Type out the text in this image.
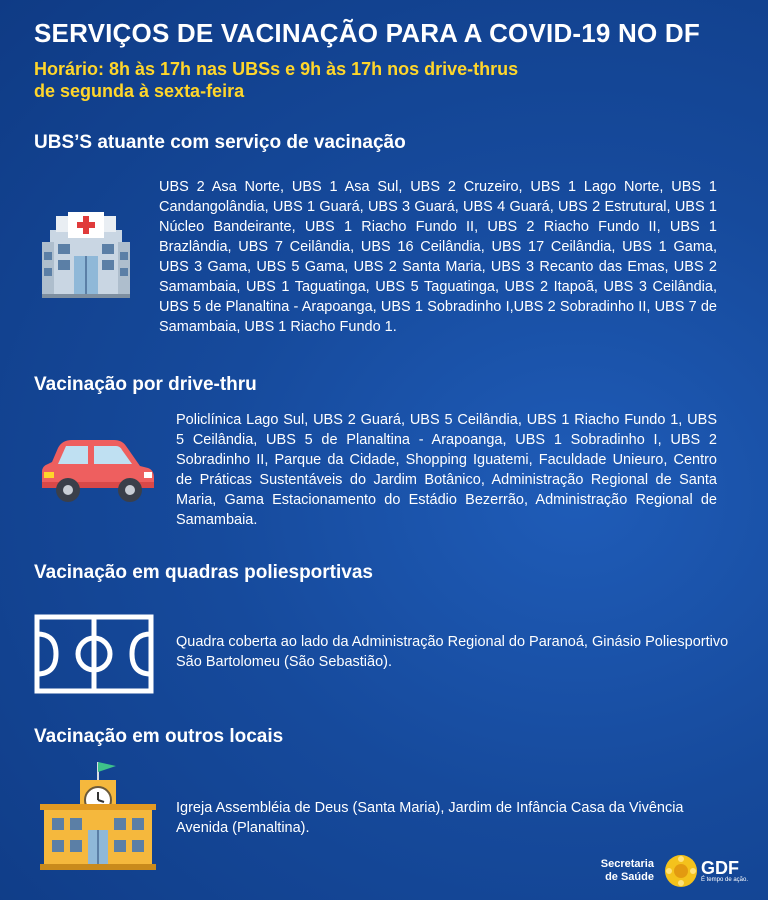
SERVIÇOS DE VACINAÇÃO PARA A COVID-19 NO DF
Horário: 8h às 17h nas UBSs e 9h às 17h nos drive-thrus
de segunda à sexta-feira
UBS’S atuante com serviço de vacinação
UBS 2 Asa Norte, UBS 1 Asa Sul, UBS 2 Cruzeiro, UBS 1 Lago Norte, UBS 1 Candangolândia, UBS 1 Guará, UBS 3 Guará, UBS 4 Guará, UBS 2 Estrutural, UBS 1 Núcleo Bandeirante, UBS 1 Riacho Fundo II, UBS 2 Riacho Fundo II, UBS 1 Brazlândia, UBS 7 Ceilândia, UBS 16 Ceilândia, UBS 17 Ceilândia, UBS 1 Gama, UBS 3 Gama, UBS 5 Gama, UBS 2 Santa Maria, UBS 3 Recanto das Emas, UBS 2 Samambaia, UBS 1 Taguatinga, UBS 5 Taguatinga, UBS 2 Itapoã, UBS 3 Ceilândia, UBS 5 de Planaltina - Arapoanga, UBS 1 Sobradinho I,UBS 2 Sobradinho II, UBS 7 de Samambaia, UBS 1 Riacho Fundo 1.
Vacinação por drive-thru
Policlínica Lago Sul, UBS 2 Guará, UBS 5 Ceilândia, UBS 1 Riacho Fundo 1, UBS 5 Ceilândia, UBS 5 de Planaltina - Arapoanga, UBS 1 Sobradinho I, UBS 2 Sobradinho II, Parque da Cidade, Shopping Iguatemi, Faculdade Unieuro, Centro de Práticas Sustentáveis do Jardim Botânico, Administração Regional de Santa Maria, Gama Estacionamento do Estádio Bezerrão, Administração Regional de Samambaia.
Vacinação em quadras poliesportivas
Quadra coberta ao lado da Administração Regional do Paranoá, Ginásio Poliesportivo São Bartolomeu (São Sebastião).
Vacinação em outros locais
Igreja Assembléia de Deus (Santa Maria), Jardim de Infância Casa da Vivência Avenida (Planaltina).
Secretaria
de Saúde	GDF
É tempo de ação.
